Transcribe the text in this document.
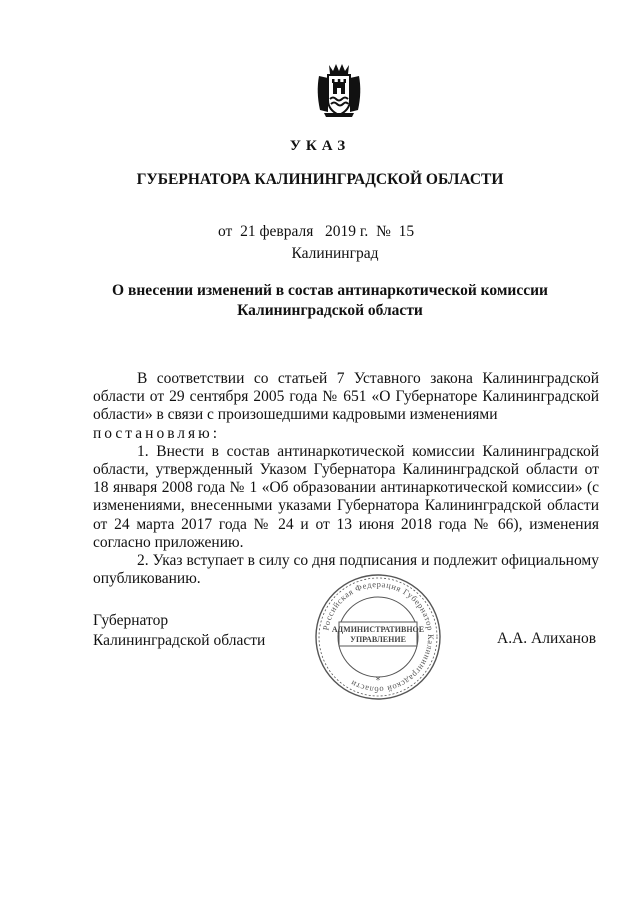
УКАЗ
ГУБЕРНАТОРА КАЛИНИНГРАДСКОЙ ОБЛАСТИ
от 21 февраля 2019 г. № 15
Калининград
О внесении изменений в состав антинаркотической комиссии
Калининградской области

В соответствии со статьей 7 Уставного закона Калининградской области от 29 сентября 2005 года № 651 «О Губернаторе Калининградской области» в связи с произошедшими кадровыми изменениями

постановляю:

1. Внести в состав антинаркотической комиссии Калининградской области, утвержденный Указом Губернатора Калининградской области от 18 января 2008 года № 1 «Об образовании антинаркотической комиссии» (с изменениями, внесенными указами Губернатора Калининградской области от 24 марта 2017 года № 24 и от 13 июня 2018 года № 66), изменения согласно приложению.

2. Указ вступает в силу со дня подписания и подлежит официальному опубликованию.

Губернатор
Калининградской области	А.А. Алиханов
Российская Федерация Губернатор Калининградской области
АДМИНИСТРАТИВНОЕ
УПРАВЛЕНИЕ
*
